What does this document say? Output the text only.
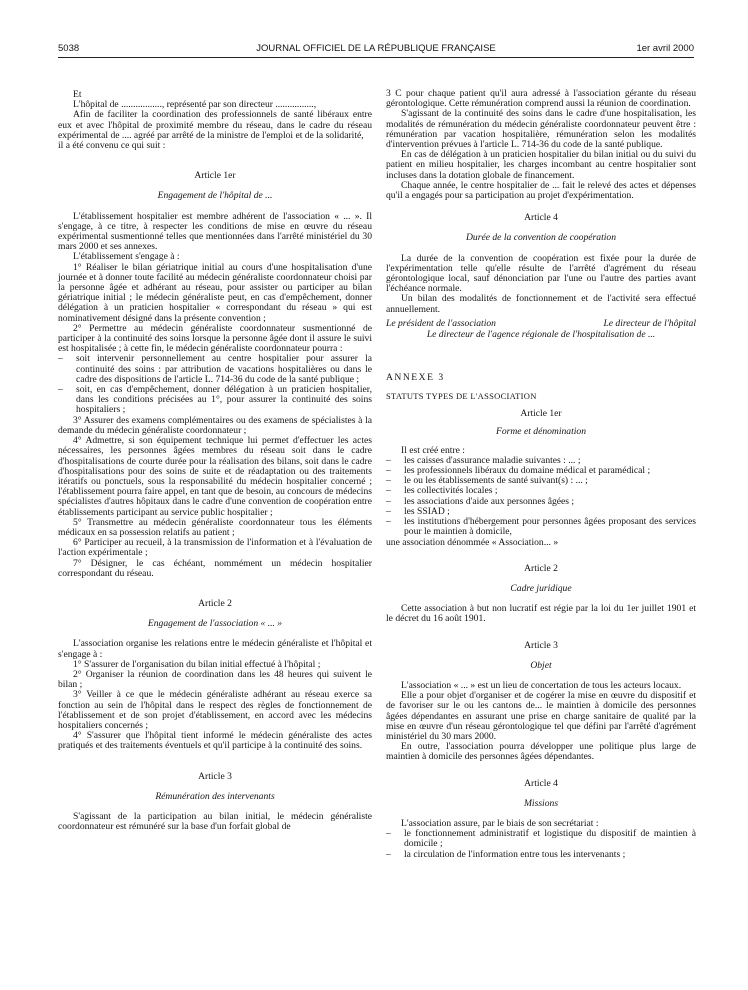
5038	JOURNAL OFFICIEL DE LA RÉPUBLIQUE FRANÇAISE	1er avril 2000

Et

L'hôpital de ................., représenté par son directeur ................,

Afin de faciliter la coordination des professionnels de santé libéraux entre eux et avec l'hôpital de proximité membre du réseau, dans le cadre du réseau expérimental de .... agréé par arrêté de la ministre de l'emploi et de la solidarité,

il a été convenu ce qui suit :

Article 1er

Engagement de l'hôpital de ...

L'établissement hospitalier est membre adhérent de l'association « ... ». Il s'engage, à ce titre, à respecter les conditions de mise en œuvre du réseau expérimental susmentionné telles que mentionnées dans l'arrêté ministériel du 30 mars 2000 et ses annexes.

L'établissement s'engage à :

1° Réaliser le bilan gériatrique initial au cours d'une hospitalisation d'une journée et à donner toute facilité au médecin généraliste coordonnateur choisi par la personne âgée et adhérant au réseau, pour assister ou participer au bilan gériatrique initial ; le médecin généraliste peut, en cas d'empêchement, donner délégation à un praticien hospitalier « correspondant du réseau » qui est nominativement désigné dans la présente convention ;

2° Permettre au médecin généraliste coordonnateur susmentionné de participer à la continuité des soins lorsque la personne âgée dont il assure le suivi est hospitalisée ; à cette fin, le médecin généraliste coordonnateur pourra :

– soit intervenir personnellement au centre hospitalier pour assurer la continuité des soins : par attribution de vacations hospitalières ou dans le cadre des dispositions de l'article L. 714-36 du code de la santé publique ;
– soit, en cas d'empêchement, donner délégation à un praticien hospitalier, dans les conditions précisées au 1°, pour assurer la continuité des soins hospitaliers ;

3° Assurer des examens complémentaires ou des examens de spécialistes à la demande du médecin généraliste coordonnateur ;

4° Admettre, si son équipement technique lui permet d'effectuer les actes nécessaires, les personnes âgées membres du réseau soit dans le cadre d'hospitalisations de courte durée pour la réalisation des bilans, soit dans le cadre d'hospitalisations pour des soins de suite et de réadaptation ou des traitements itératifs ou ponctuels, sous la responsabilité du médecin hospitalier concerné ; l'établissement pourra faire appel, en tant que de besoin, au concours de médecins spécialistes d'autres hôpitaux dans le cadre d'une convention de coopération entre établissements participant au service public hospitalier ;

5° Transmettre au médecin généraliste coordonnateur tous les éléments médicaux en sa possession relatifs au patient ;

6° Participer au recueil, à la transmission de l'information et à l'évaluation de l'action expérimentale ;

7° Désigner, le cas échéant, nommément un médecin hospitalier correspondant du réseau.

Article 2

Engagement de l'association « ... »

L'association organise les relations entre le médecin généraliste et l'hôpital et s'engage à :

1° S'assurer de l'organisation du bilan initial effectué à l'hôpital ;

2° Organiser la réunion de coordination dans les 48 heures qui suivent le bilan ;

3° Veiller à ce que le médecin généraliste adhérant au réseau exerce sa fonction au sein de l'hôpital dans le respect des règles de fonctionnement de l'établissement et de son projet d'établissement, en accord avec les médecins hospitaliers concernés ;

4° S'assurer que l'hôpital tient informé le médecin généraliste des actes pratiqués et des traitements éventuels et qu'il participe à la continuité des soins.

Article 3

Rémunération des intervenants

S'agissant de la participation au bilan initial, le médecin généraliste coordonnateur est rémunéré sur la base d'un forfait global de

3 C pour chaque patient qu'il aura adressé à l'association gérante du réseau gérontologique. Cette rémunération comprend aussi la réunion de coordination.

S'agissant de la continuité des soins dans le cadre d'une hospitalisation, les modalités de rémunération du médecin généraliste coordonnateur peuvent être : rémunération par vacation hospitalière, rémunération selon les modalités d'intervention prévues à l'article L. 714-36 du code de la santé publique.

En cas de délégation à un praticien hospitalier du bilan initial ou du suivi du patient en milieu hospitalier, les charges incombant au centre hospitalier sont incluses dans la dotation globale de financement.

Chaque année, le centre hospitalier de ... fait le relevé des actes et dépenses qu'il a engagés pour sa participation au projet d'expérimentation.

Article 4

Durée de la convention de coopération

La durée de la convention de coopération est fixée pour la durée de l'expérimentation telle qu'elle résulte de l'arrêté d'agrément du réseau gérontologique local, sauf dénonciation par l'une ou l'autre des parties avant l'échéance normale.

Un bilan des modalités de fonctionnement et de l'activité sera effectué annuellement.

Le président de l'association	Le directeur de l'hôpital
Le directeur de l'agence régionale de l'hospitalisation de ...

ANNEXE 3

STATUTS TYPES DE L'ASSOCIATION

Article 1er

Forme et dénomination

Il est créé entre :

– les caisses d'assurance maladie suivantes : ... ;
– les professionnels libéraux du domaine médical et paramédical ;
– le ou les établissements de santé suivant(s) : ... ;
– les collectivités locales ;
– les associations d'aide aux personnes âgées ;
– les SSIAD ;
– les institutions d'hébergement pour personnes âgées proposant des services pour le maintien à domicile,

une association dénommée « Association... »

Article 2

Cadre juridique

Cette association à but non lucratif est régie par la loi du 1er juillet 1901 et le décret du 16 août 1901.

Article 3

Objet

L'association « ... » est un lieu de concertation de tous les acteurs locaux.

Elle a pour objet d'organiser et de cogérer la mise en œuvre du dispositif et de favoriser sur le ou les cantons de... le maintien à domicile des personnes âgées dépendantes en assurant une prise en charge sanitaire de qualité par la mise en œuvre d'un réseau gérontologique tel que défini par l'arrêté d'agrément ministériel du 30 mars 2000.

En outre, l'association pourra développer une politique plus large de maintien à domicile des personnes âgées dépendantes.

Article 4

Missions

L'association assure, par le biais de son secrétariat :

– le fonctionnement administratif et logistique du dispositif de maintien à domicile ;
– la circulation de l'information entre tous les intervenants ;
